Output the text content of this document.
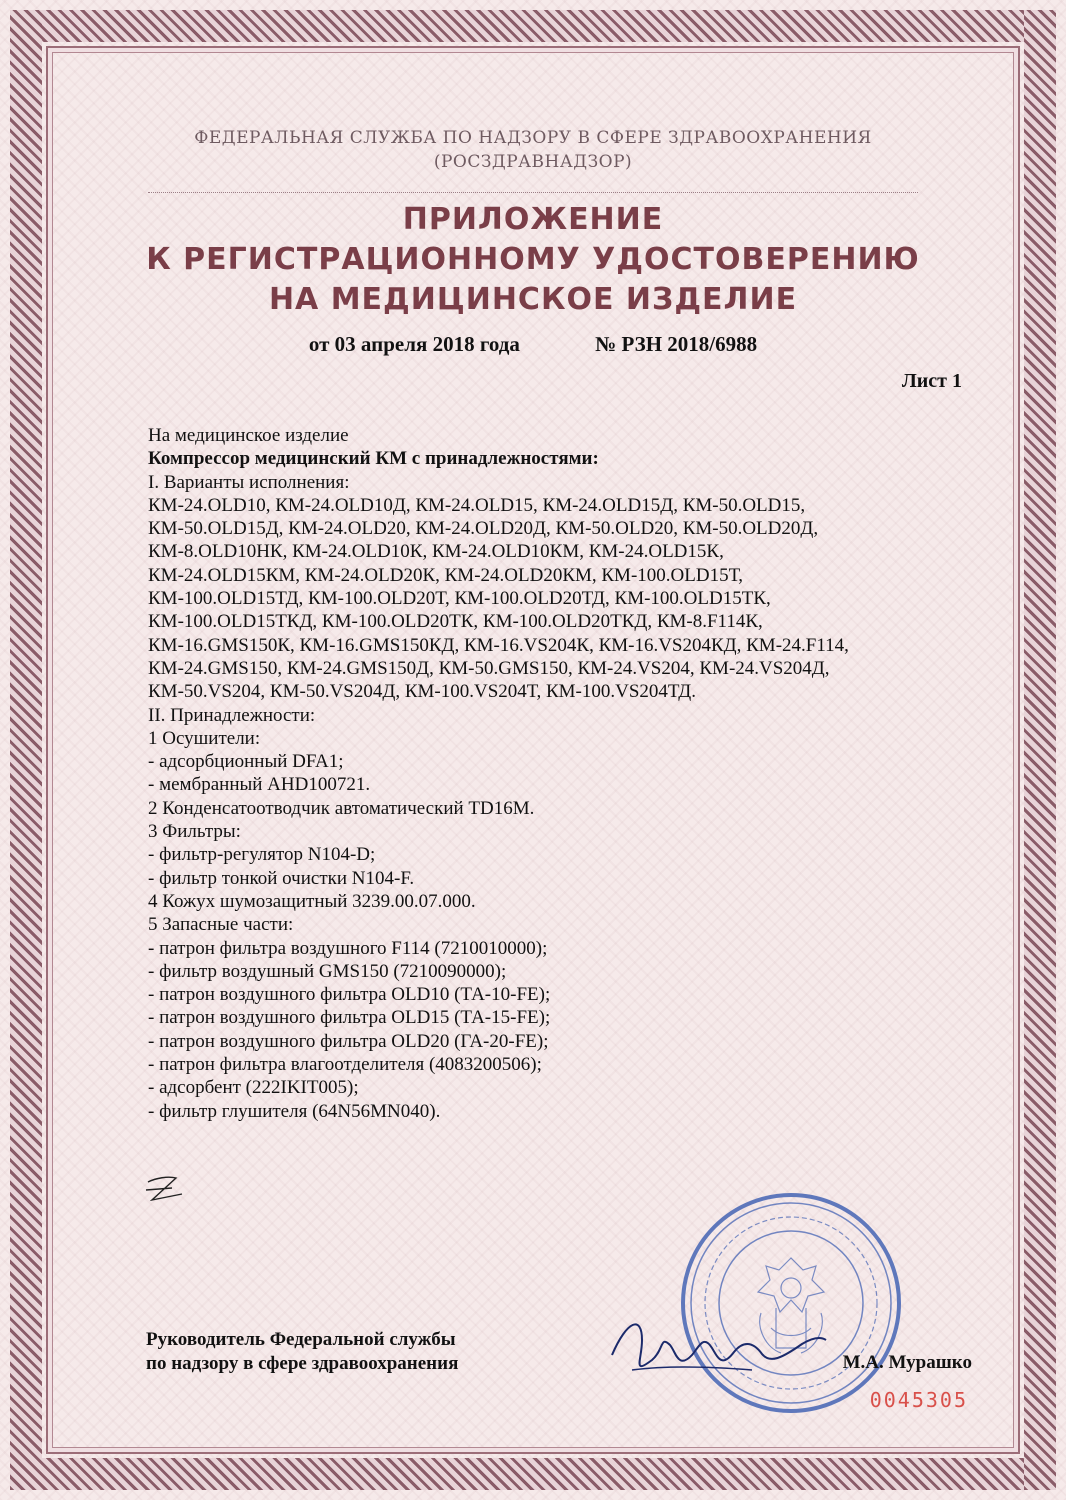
ФЕДЕРАЛЬНАЯ СЛУЖБА ПО НАДЗОРУ В СФЕРЕ ЗДРАВООХРАНЕНИЯ
(РОСЗДРАВНАДЗОР)
ПРИЛОЖЕНИЕ
К РЕГИСТРАЦИОННОМУ УДОСТОВЕРЕНИЮ
НА МЕДИЦИНСКОЕ ИЗДЕЛИЕ
от 03 апреля 2018 года	№ РЗН 2018/6988
Лист 1
На медицинское изделие
Компрессор медицинский КМ с принадлежностями:
I. Варианты исполнения:
КМ-24.OLD10, КМ-24.OLD10Д, КМ-24.OLD15, КМ-24.OLD15Д, КМ-50.OLD15,
КМ-50.OLD15Д, КМ-24.OLD20, КМ-24.OLD20Д, КМ-50.OLD20, КМ-50.OLD20Д,
КМ-8.OLD10НК, КМ-24.OLD10К, КМ-24.OLD10КМ, КМ-24.OLD15К,
КМ-24.OLD15КМ, КМ-24.OLD20К, КМ-24.OLD20КМ, КМ-100.OLD15Т,
КМ-100.OLD15ТД, КМ-100.OLD20Т, КМ-100.OLD20ТД, КМ-100.OLD15ТК,
КМ-100.OLD15ТКД, КМ-100.OLD20ТК, КМ-100.OLD20ТКД, КМ-8.F114К,
КМ-16.GMS150К, КМ-16.GMS150КД, КМ-16.VS204К, КМ-16.VS204КД, КМ-24.F114,
КМ-24.GMS150, КМ-24.GMS150Д, КМ-50.GMS150, КМ-24.VS204, КМ-24.VS204Д,
КМ-50.VS204, КМ-50.VS204Д, КМ-100.VS204Т, КМ-100.VS204ТД.
II. Принадлежности:
1 Осушители:
- адсорбционный DFA1;
- мембранный AHD100721.
2 Конденсатоотводчик автоматический TD16M.
3 Фильтры:
- фильтр-регулятор N104-D;
- фильтр тонкой очистки N104-F.
4 Кожух шумозащитный 3239.00.07.000.
5 Запасные части:
- патрон фильтра воздушного F114 (7210010000);
- фильтр воздушный GMS150 (7210090000);
- патрон воздушного фильтра OLD10 (ТА-10-FE);
- патрон воздушного фильтра OLD15 (ТА-15-FE);
- патрон воздушного фильтра OLD20 (ГА-20-FE);
- патрон фильтра влагоотделителя (4083200506);
- адсорбент (222IKIT005);
- фильтр глушителя (64N56MN040).
Руководитель Федеральной службы
по надзору в сфере здравоохранения	М.А. Мурашко
0045305
